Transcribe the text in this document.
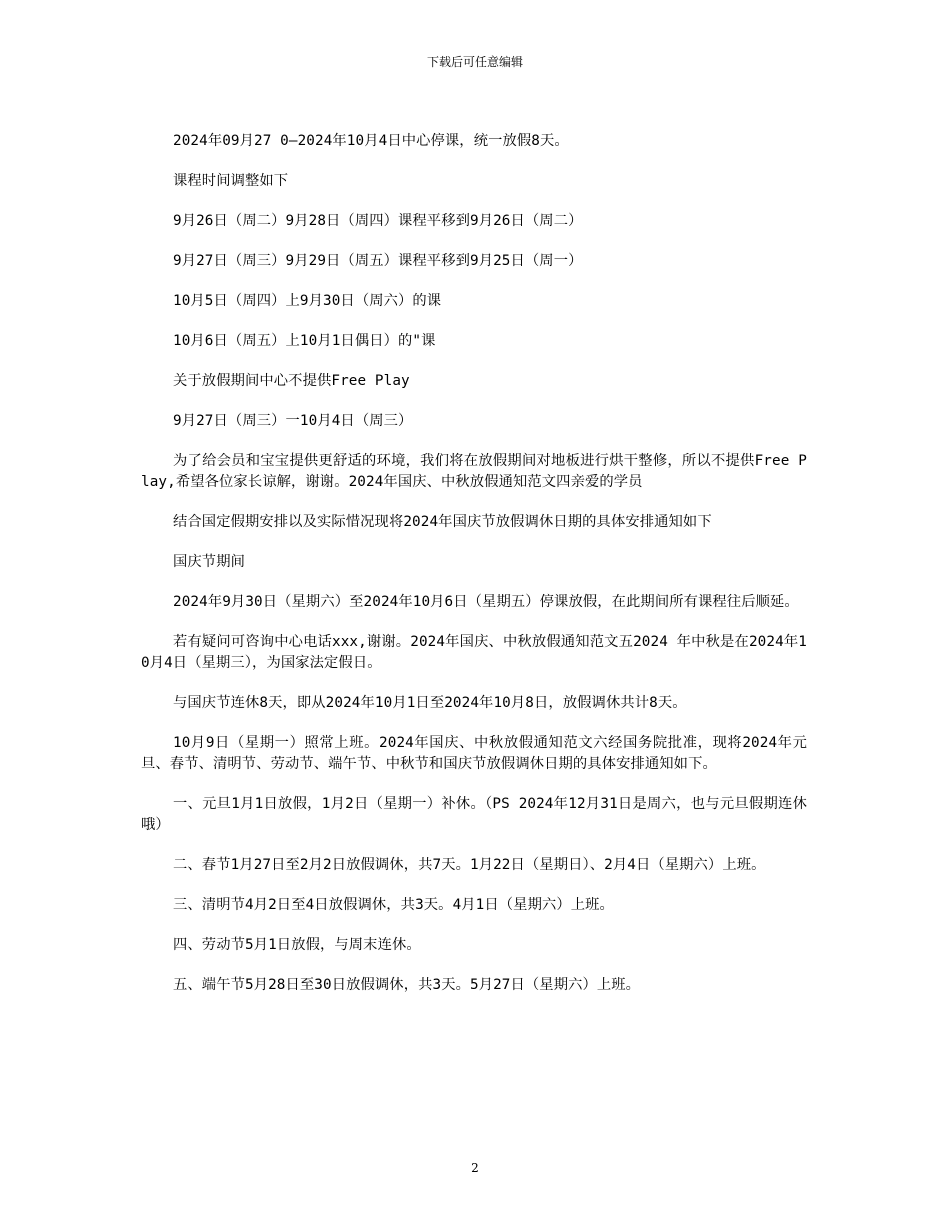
下载后可任意编辑

2024年09月27 0—2024年10月4日中心停课，统一放假8天。

课程时间调整如下

9月26日（周二）9月28日（周四）课程平移到9月26日（周二）

9月27日（周三）9月29日（周五）课程平移到9月25日（周一）

10月5日（周四）上9月30日（周六）的课

10月6日（周五）上10月1日偶日）的"课

关于放假期间中心不提供Free Play

9月27日（周三）一10月4日（周三）

为了给会员和宝宝提供更舒适的环境，我们将在放假期间对地板进行烘干整修，所以不提供Free Play,希望各位家长谅解，谢谢。2024年国庆、中秋放假通知范文四亲爱的学员

结合国定假期安排以及实际惜况现将2024年国庆节放假调休日期的具体安排通知如下

国庆节期间

2024年9月30日（星期六）至2024年10月6日（星期五）停课放假，在此期间所有课程往后顺延。

若有疑问可咨询中心电话xxx,谢谢。2024年国庆、中秋放假通知范文五2024 年中秋是在2024年10月4日（星期三），为国家法定假日。

与国庆节连休8天，即从2024年10月1日至2024年10月8日，放假调休共计8天。

10月9日（星期一）照常上班。2024年国庆、中秋放假通知范文六经国务院批准，现将2024年元旦、春节、清明节、劳动节、端午节、中秋节和国庆节放假调休日期的具体安排通知如下。

一、元旦1月1日放假，1月2日（星期一）补休。（PS 2024年12月31日是周六，也与元旦假期连休哦）

二、春节1月27日至2月2日放假调休，共7天。1月22日（星期日）、2月4日（星期六）上班。

三、清明节4月2日至4日放假调休，共3天。4月1日（星期六）上班。

四、劳动节5月1日放假，与周末连休。

五、端午节5月28日至30日放假调休，共3天。5月27日（星期六）上班。

2
